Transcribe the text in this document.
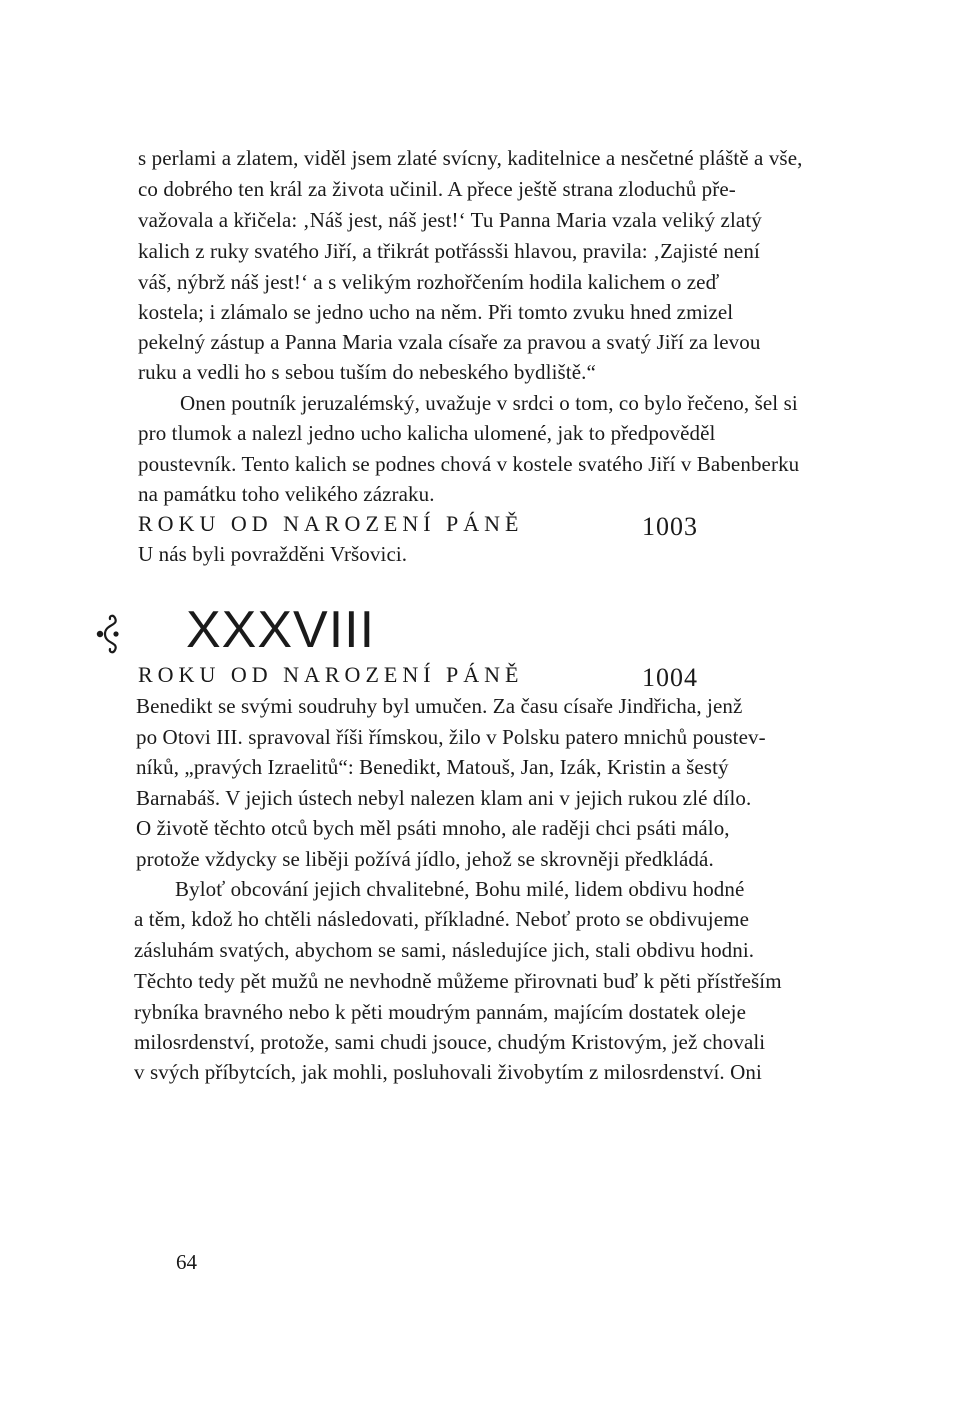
s perlami a zlatem, viděl jsem zlaté svícny, kaditelnice a nesčetné pláště a vše,
co dobrého ten král za života učinil. A přece ještě strana zloduchů pře-
važovala a křičela: ‚Náš jest, náš jest!‘ Tu Panna Maria vzala veliký zlatý
kalich z ruky svatého Jiří, a třikrát potřássši hlavou, pravila: ‚Zajisté není
váš, nýbrž náš jest!‘ a s velikým rozhořčením hodila kalichem o zeď
kostela; i zlámalo se jedno ucho na něm. Při tomto zvuku hned zmizel
pekelný zástup a Panna Maria vzala císaře za pravou a svatý Jiří za levou
ruku a vedli ho s sebou tuším do nebeského bydliště.“
Onen poutník jeruzalémský, uvažuje v srdci o tom, co bylo řečeno, šel si
pro tlumok a nalezl jedno ucho kalicha ulomené, jak to předpověděl
poustevník. Tento kalich se podnes chová v kostele svatého Jiří v Babenberku
na památku toho velikého zázraku.
ROKU OD NAROZENÍ PÁNĚ	1003
U nás byli povražděni Vršovici.
XXXVIII
ROKU OD NAROZENÍ PÁNĚ	1004
Benedikt se svými soudruhy byl umučen. Za času císaře Jindřicha, jenž
po Otovi III. spravoval říši římskou, žilo v Polsku patero mnichů poustev-
níků, „pravých Izraelitů“: Benedikt, Matouš, Jan, Izák, Kristin a šestý
Barnabáš. V jejich ústech nebyl nalezen klam ani v jejich rukou zlé dílo.
O životě těchto otců bych měl psáti mnoho, ale raději chci psáti málo,
protože vždycky se liběji požívá jídlo, jehož se skrovněji předkládá.
Byloť obcování jejich chvalitebné, Bohu milé, lidem obdivu hodné
a těm, kdož ho chtěli následovati, příkladné. Neboť proto se obdivujeme
zásluhám svatých, abychom se sami, následujíce jich, stali obdivu hodni.
Těchto tedy pět mužů ne nevhodně můžeme přirovnati buď k pěti přístřeším
rybníka bravného nebo k pěti moudrým pannám, majícím dostatek oleje
milosrdenství, protože, sami chudi jsouce, chudým Kristovým, jež chovali
v svých příbytcích, jak mohli, posluhovali živobytím z milosrdenství. Oni
64
